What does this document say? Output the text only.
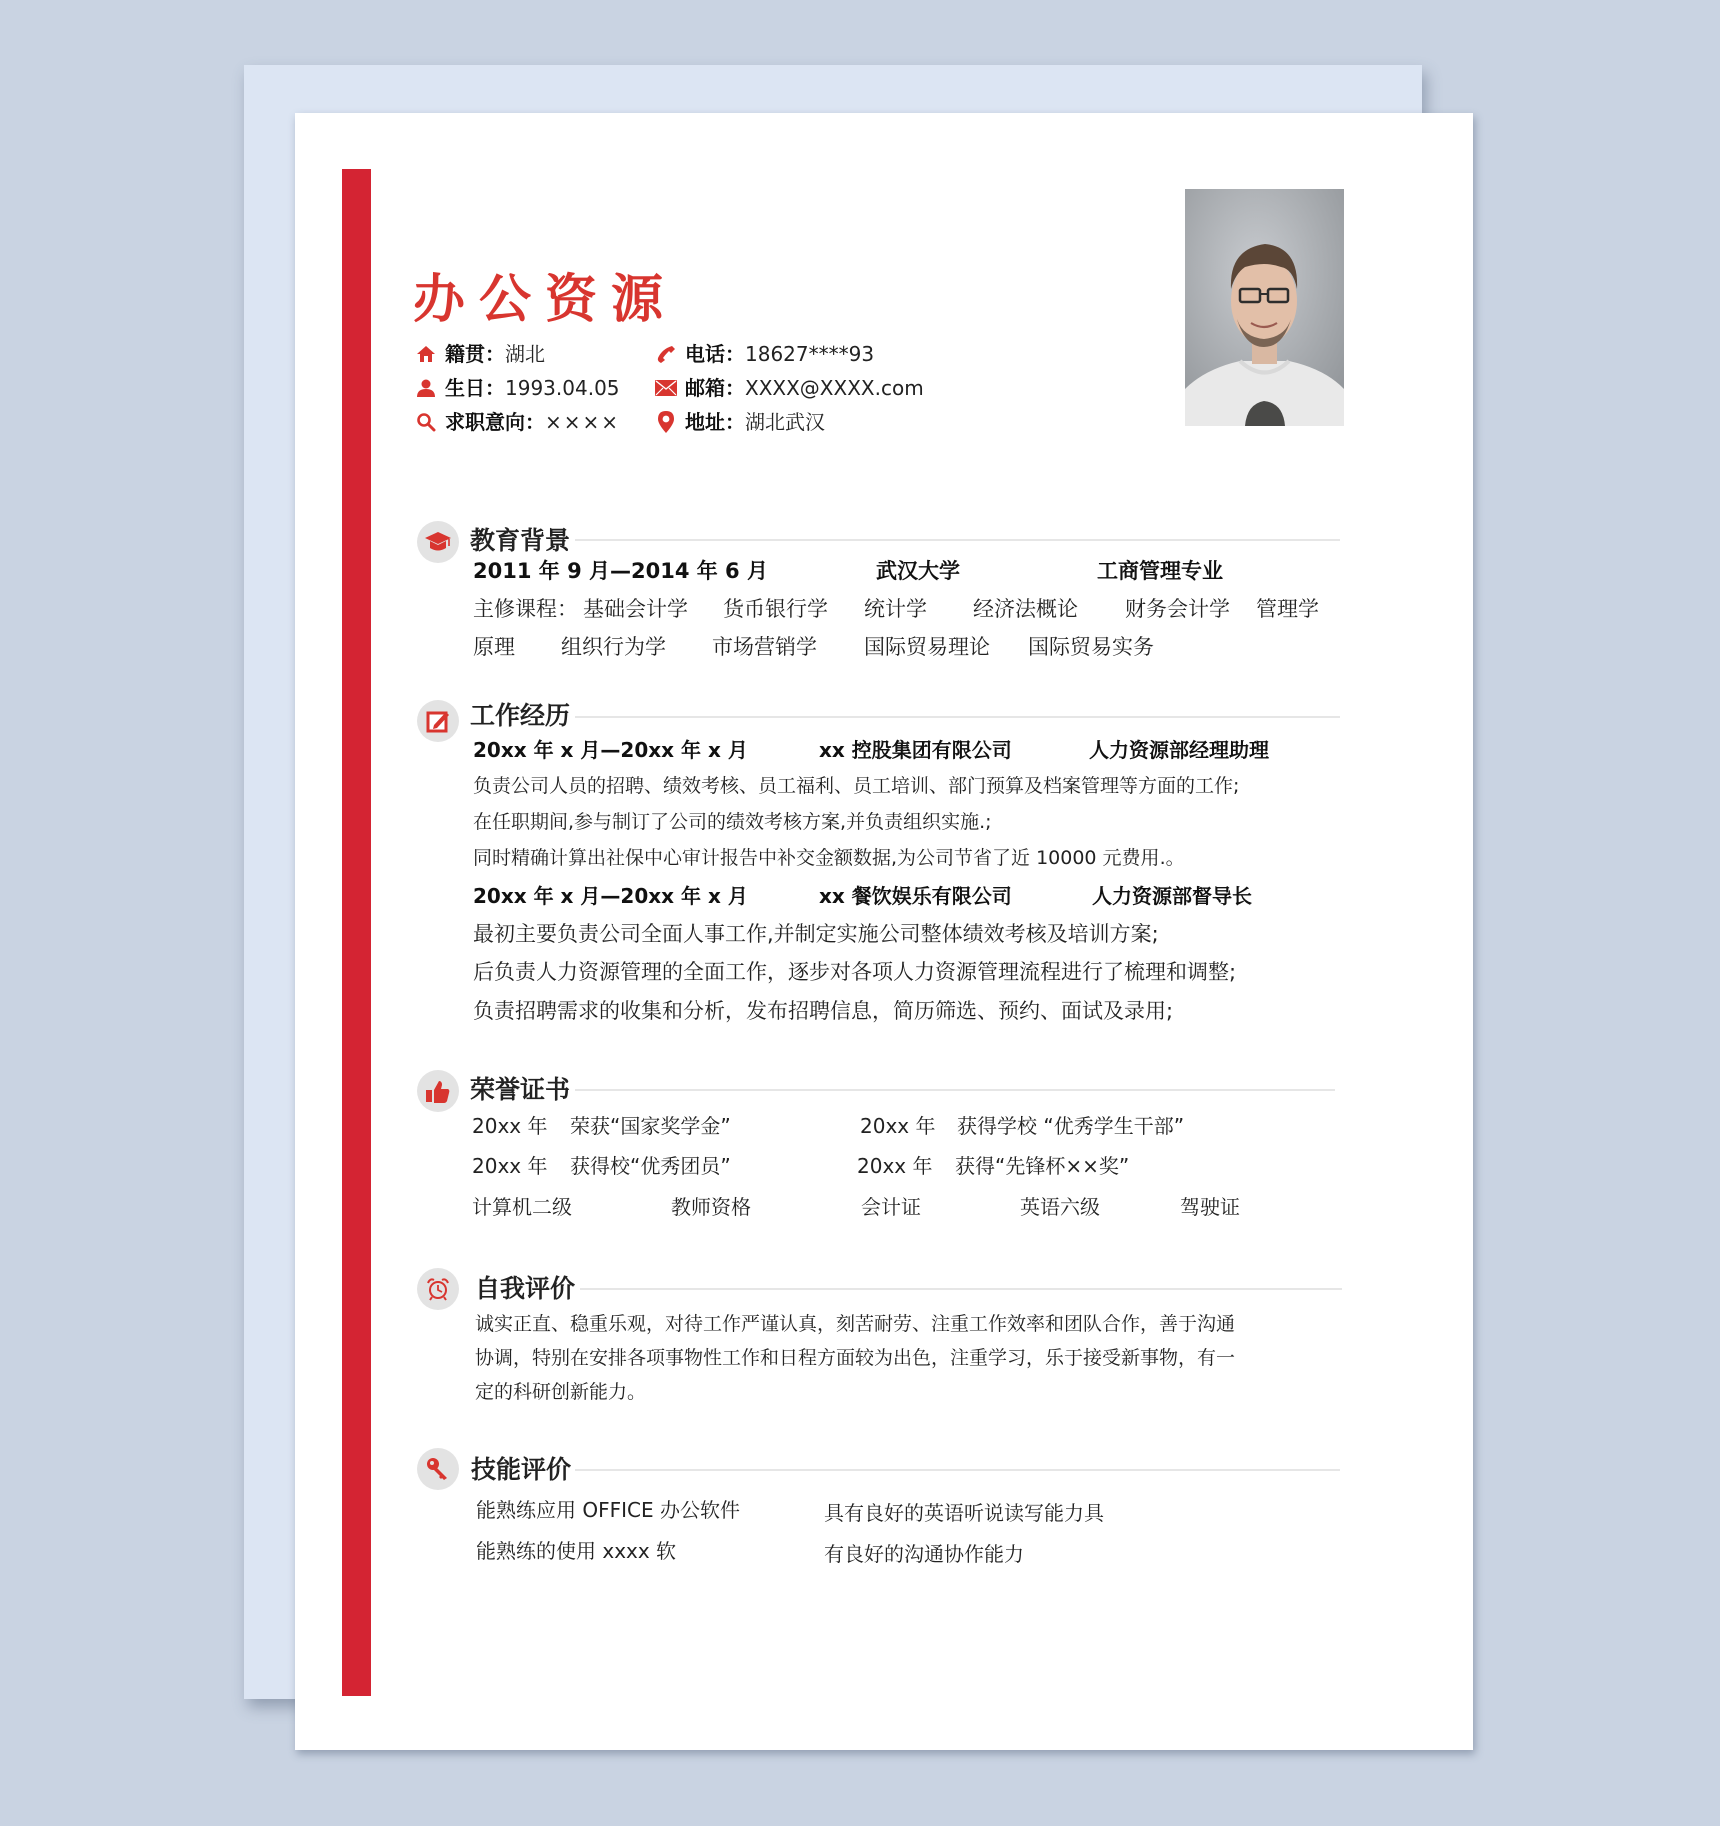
办公资源
籍贯： 湖北
生日： 1993.04.05
求职意向： ××××
电话： 18627****93
邮箱： XXXX@XXXX.com
地址： 湖北武汉
教育背景
2011 年 9 月—2014 年 6 月	武汉大学	工商管理专业
主修课程： 基础会计学 货币银行学 统计学 经济法概论 财务会计学 管理学
原理 组织行为学 市场营销学 国际贸易理论 国际贸易实务
工作经历
20xx 年 x 月—20xx 年 x 月	xx 控股集团有限公司	人力资源部经理助理
负责公司人员的招聘、绩效考核、员工福利、员工培训、部门预算及档案管理等方面的工作;
在任职期间,参与制订了公司的绩效考核方案,并负责组织实施.;
同时精确计算出社保中心审计报告中补交金额数据,为公司节省了近 10000 元费用.。
20xx 年 x 月—20xx 年 x 月	xx 餐饮娱乐有限公司	人力资源部督导长
最初主要负责公司全面人事工作,并制定实施公司整体绩效考核及培训方案;
后负责人力资源管理的全面工作，逐步对各项人力资源管理流程进行了梳理和调整;
负责招聘需求的收集和分析，发布招聘信息，简历筛选、预约、面试及录用;
荣誉证书
20xx 年 荣获“国家奖学金”	20xx 年 获得学校 “优秀学生干部”
20xx 年 获得校“优秀团员”	20xx 年 获得“先锋杯××奖”
计算机二级	教师资格	会计证	英语六级	驾驶证
自我评价
诚实正直、稳重乐观，对待工作严谨认真，刻苦耐劳、注重工作效率和团队合作，善于沟通
协调，特别在安排各项事物性工作和日程方面较为出色，注重学习，乐于接受新事物，有一
定的科研创新能力。
技能评价
能熟练应用 OFFICE 办公软件	具有良好的英语听说读写能力具
能熟练的使用 xxxx 软	有良好的沟通协作能力
